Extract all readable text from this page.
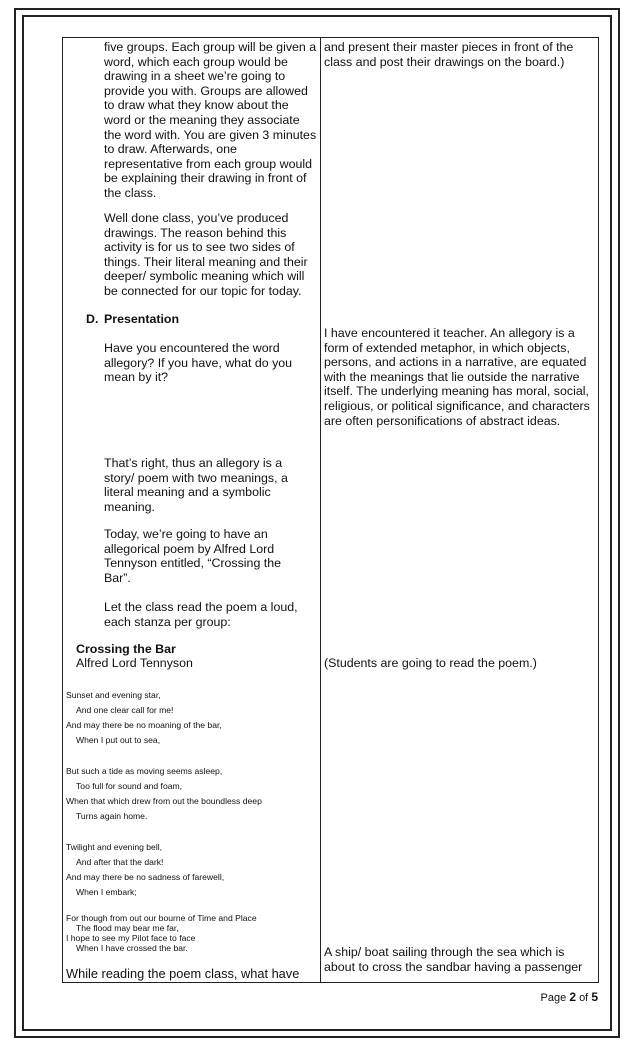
five groups. Each group will be given a word, which each group would be drawing in a sheet we’re going to provide you with. Groups are allowed to draw what they know about the word or the meaning they associate the word with. You are given 3 minutes to draw. Afterwards, one representative from each group would be explaining their drawing in front of the class.

Well done class, you’ve produced drawings. The reason behind this activity is for us to see two sides of things. Their literal meaning and their deeper/ symbolic meaning which will be connected for our topic for today.

D. Presentation

Have you encountered the word allegory? If you have, what do you mean by it?

That’s right, thus an allegory is a story/ poem with two meanings, a literal meaning and a symbolic meaning.

Today, we’re going to have an allegorical poem by Alfred Lord Tennyson entitled, “Crossing the Bar”.

Let the class read the poem a loud, each stanza per group:

Crossing the Bar
Alfred Lord Tennyson
Sunset and evening star,
And one clear call for me!
And may there be no moaning of the bar,
When I put out to sea,
But such a tide as moving seems asleep,
Too full for sound and foam,
When that which drew from out the boundless deep
Turns again home.
Twilight and evening bell,
And after that the dark!
And may there be no sadness of farewell,
When I embark;
For though from out our bourne of Time and Place
The flood may bear me far,
I hope to see my Pilot face to face
When I have crossed the bar.
While reading the poem class, what have

and present their master pieces in front of the class and post their drawings on the board.)

I have encountered it teacher. An allegory is a form of extended metaphor, in which objects, persons, and actions in a narrative, are equated with the meanings that lie outside the narrative itself. The underlying meaning has moral, social, religious, or political significance, and characters are often personifications of abstract ideas.

(Students are going to read the poem.)

A ship/ boat sailing through the sea which is about to cross the sandbar having a passenger

Page 2 of 5
